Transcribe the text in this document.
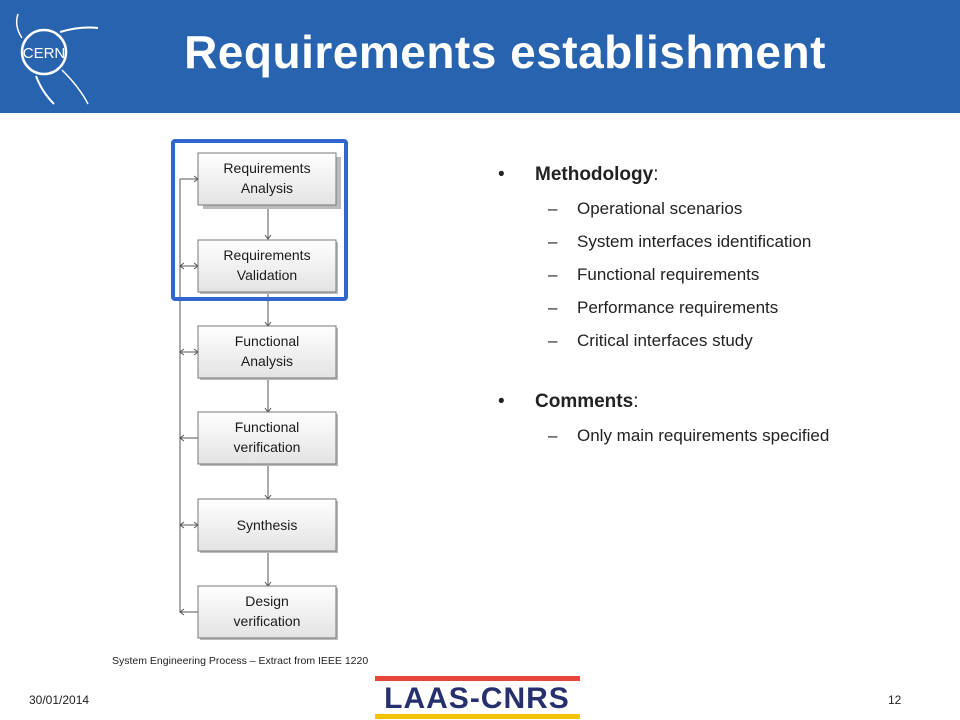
CERN	Requirements establishment
Requirements
Analysis
Requirements
Validation
Functional
Analysis
Functional
verification
Synthesis
Design
verification
System Engineering Process – Extract from IEEE 1220
• Methodology:
– Operational scenarios
– System interfaces identification
– Functional requirements
– Performance requirements
– Critical interfaces study
• Comments:
– Only main requirements specified
30/01/2014	LAAS-CNRS	12
